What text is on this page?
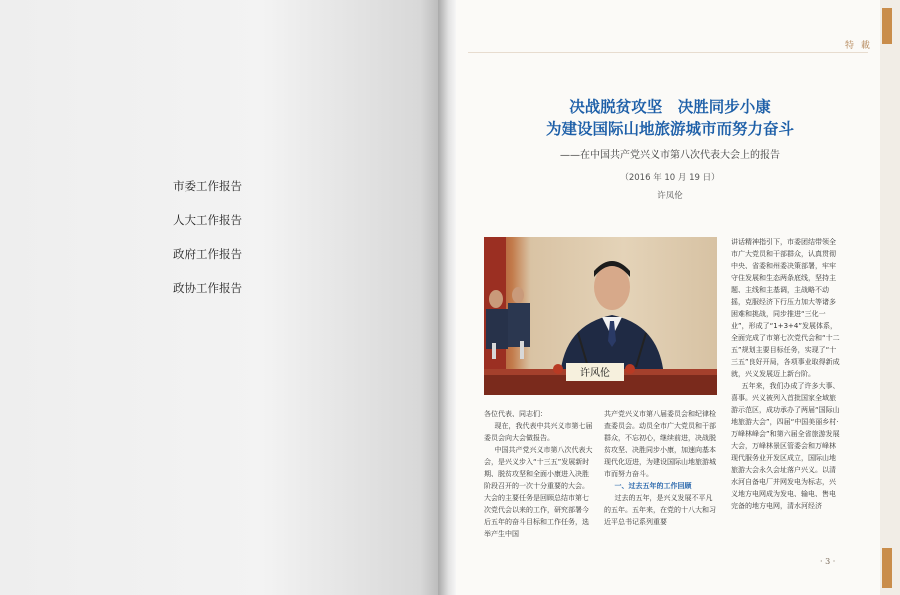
市委工作报告
人大工作报告
政府工作报告
政协工作报告
特 載
决战脱贫攻坚　决胜同步小康
为建设国际山地旅游城市而努力奋斗
——在中国共产党兴义市第八次代表大会上的报告
（2016 年 10 月 19 日）
许凤伦
许风伦

各位代表、同志们：

现在，我代表中共兴义市第七届委员会向大会做报告。

中国共产党兴义市第八次代表大会，是兴义步入“十三五”发展新时期、脱贫攻坚和全面小康进入决胜阶段召开的一次十分重要的大会。大会的主要任务是回顾总结市第七次党代会以来的工作，研究部署今后五年的奋斗目标和工作任务，选举产生中国

共产党兴义市第八届委员会和纪律检查委员会。动员全市广大党员和干部群众，不忘初心，继续前进，决战脱贫攻坚、决胜同步小康，加速向基本现代化迈进，为建设国际山地旅游城市而努力奋斗。

一、过去五年的工作回顾

过去的五年，是兴义发展不平凡的五年。五年来，在党的十八大和习近平总书记系列重要

讲话精神指引下，市委团结带领全市广大党员和干部群众，认真贯彻中央、省委和州委决策部署，牢牢守住发展和生态两条底线，坚持主题、主线和主基调，主战略不动摇，克服经济下行压力加大等诸多困难和挑战，同步推进“三化一业”，形成了“1+3+4”发展体系，全面完成了市第七次党代会和“十二五”规划主要目标任务，实现了“十三五”良好开局，各项事业取得新成就，兴义发展迈上新台阶。

五年来，我们办成了许多大事、喜事。兴义被列入首批国家全域旅游示范区，成功承办了两届“国际山地旅游大会”，四届“中国美丽乡村·万峰林峰会”和第六届全省旅游发展大会，万峰林景区管委会和万峰林现代服务业开发区成立，国际山地旅游大会永久会址落户兴义。以清水河自备电厂并网发电为标志，兴义地方电网成为发电、输电、售电完备的地方电网，清水河经济

· 3 ·
